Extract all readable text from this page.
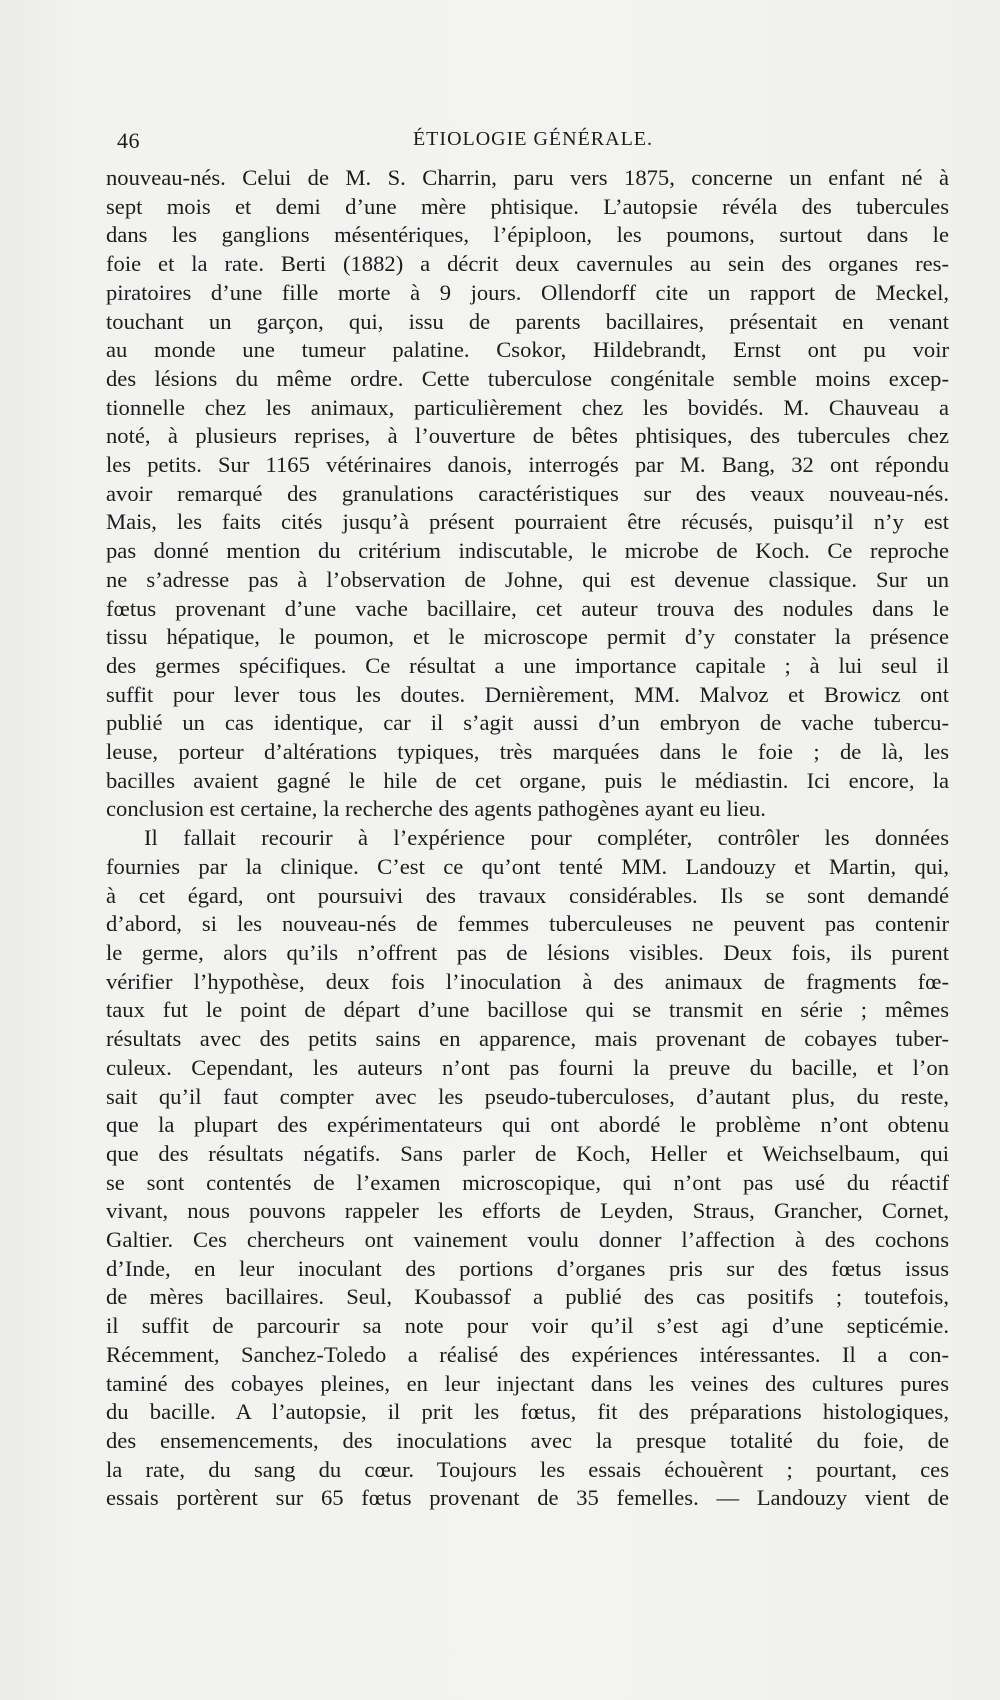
46	ÉTIOLOGIE GÉNÉRALE.
nouveau-nés. Celui de M. S. Charrin, paru vers 1875, concerne un enfant né à
sept mois et demi d’une mère phtisique. L’autopsie révéla des tubercules
dans les ganglions mésentériques, l’épiploon, les poumons, surtout dans le
foie et la rate. Berti (1882) a décrit deux cavernules au sein des organes res-
piratoires d’une fille morte à 9 jours. Ollendorff cite un rapport de Meckel,
touchant un garçon, qui, issu de parents bacillaires, présentait en venant
au monde une tumeur palatine. Csokor, Hildebrandt, Ernst ont pu voir
des lésions du même ordre. Cette tuberculose congénitale semble moins excep-
tionnelle chez les animaux, particulièrement chez les bovidés. M. Chauveau a
noté, à plusieurs reprises, à l’ouverture de bêtes phtisiques, des tubercules chez
les petits. Sur 1165 vétérinaires danois, interrogés par M. Bang, 32 ont répondu
avoir remarqué des granulations caractéristiques sur des veaux nouveau-nés.
Mais, les faits cités jusqu’à présent pourraient être récusés, puisqu’il n’y est
pas donné mention du critérium indiscutable, le microbe de Koch. Ce reproche
ne s’adresse pas à l’observation de Johne, qui est devenue classique. Sur un
fœtus provenant d’une vache bacillaire, cet auteur trouva des nodules dans le
tissu hépatique, le poumon, et le microscope permit d’y constater la présence
des germes spécifiques. Ce résultat a une importance capitale ; à lui seul il
suffit pour lever tous les doutes. Dernièrement, MM. Malvoz et Browicz ont
publié un cas identique, car il s’agit aussi d’un embryon de vache tubercu-
leuse, porteur d’altérations typiques, très marquées dans le foie ; de là, les
bacilles avaient gagné le hile de cet organe, puis le médiastin. Ici encore, la
conclusion est certaine, la recherche des agents pathogènes ayant eu lieu.
Il fallait recourir à l’expérience pour compléter, contrôler les données
fournies par la clinique. C’est ce qu’ont tenté MM. Landouzy et Martin, qui,
à cet égard, ont poursuivi des travaux considérables. Ils se sont demandé
d’abord, si les nouveau-nés de femmes tuberculeuses ne peuvent pas contenir
le germe, alors qu’ils n’offrent pas de lésions visibles. Deux fois, ils purent
vérifier l’hypothèse, deux fois l’inoculation à des animaux de fragments fœ-
taux fut le point de départ d’une bacillose qui se transmit en série ; mêmes
résultats avec des petits sains en apparence, mais provenant de cobayes tuber-
culeux. Cependant, les auteurs n’ont pas fourni la preuve du bacille, et l’on
sait qu’il faut compter avec les pseudo-tuberculoses, d’autant plus, du reste,
que la plupart des expérimentateurs qui ont abordé le problème n’ont obtenu
que des résultats négatifs. Sans parler de Koch, Heller et Weichselbaum, qui
se sont contentés de l’examen microscopique, qui n’ont pas usé du réactif
vivant, nous pouvons rappeler les efforts de Leyden, Straus, Grancher, Cornet,
Galtier. Ces chercheurs ont vainement voulu donner l’affection à des cochons
d’Inde, en leur inoculant des portions d’organes pris sur des fœtus issus
de mères bacillaires. Seul, Koubassof a publié des cas positifs ; toutefois,
il suffit de parcourir sa note pour voir qu’il s’est agi d’une septicémie.
Récemment, Sanchez-Toledo a réalisé des expériences intéressantes. Il a con-
taminé des cobayes pleines, en leur injectant dans les veines des cultures pures
du bacille. A l’autopsie, il prit les fœtus, fit des préparations histologiques,
des ensemencements, des inoculations avec la presque totalité du foie, de
la rate, du sang du cœur. Toujours les essais échouèrent ; pourtant, ces
essais portèrent sur 65 fœtus provenant de 35 femelles. — Landouzy vient de
